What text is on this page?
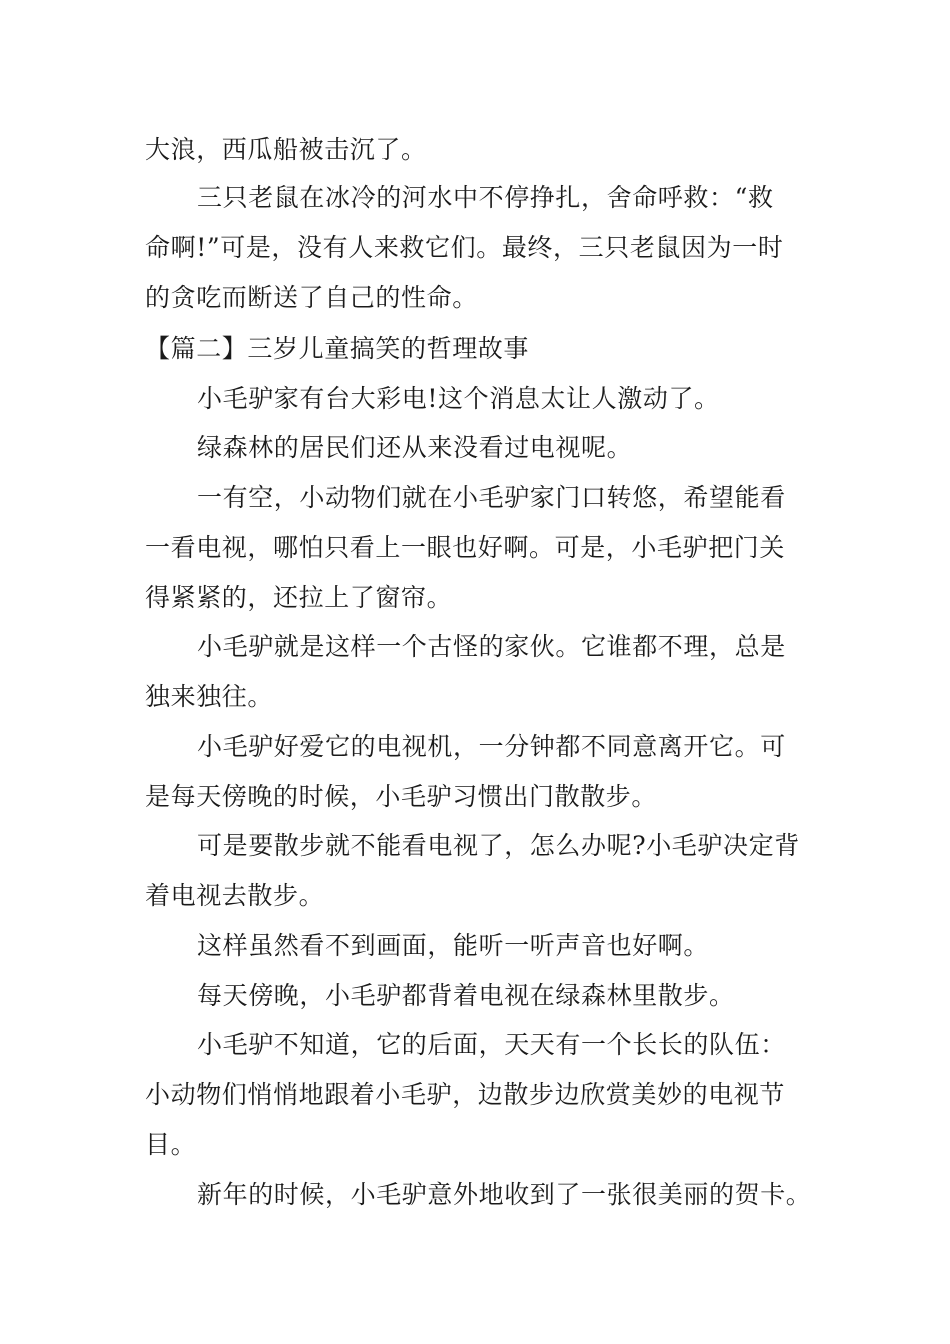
大浪，西瓜船被击沉了。
三只老鼠在冰冷的河水中不停挣扎，舍命呼救：“救
命啊!”可是，没有人来救它们。最终，三只老鼠因为一时
的贪吃而断送了自己的性命。
【篇二】三岁儿童搞笑的哲理故事
小毛驴家有台大彩电!这个消息太让人激动了。
绿森林的居民们还从来没看过电视呢。
一有空，小动物们就在小毛驴家门口转悠，希望能看
一看电视，哪怕只看上一眼也好啊。可是，小毛驴把门关
得紧紧的，还拉上了窗帘。
小毛驴就是这样一个古怪的家伙。它谁都不理，总是
独来独往。
小毛驴好爱它的电视机，一分钟都不同意离开它。可
是每天傍晚的时候，小毛驴习惯出门散散步。
可是要散步就不能看电视了，怎么办呢?小毛驴决定背
着电视去散步。
这样虽然看不到画面，能听一听声音也好啊。
每天傍晚，小毛驴都背着电视在绿森林里散步。
小毛驴不知道，它的后面，天天有一个长长的队伍：
小动物们悄悄地跟着小毛驴，边散步边欣赏美妙的电视节
目。
新年的时候，小毛驴意外地收到了一张很美丽的贺卡。
